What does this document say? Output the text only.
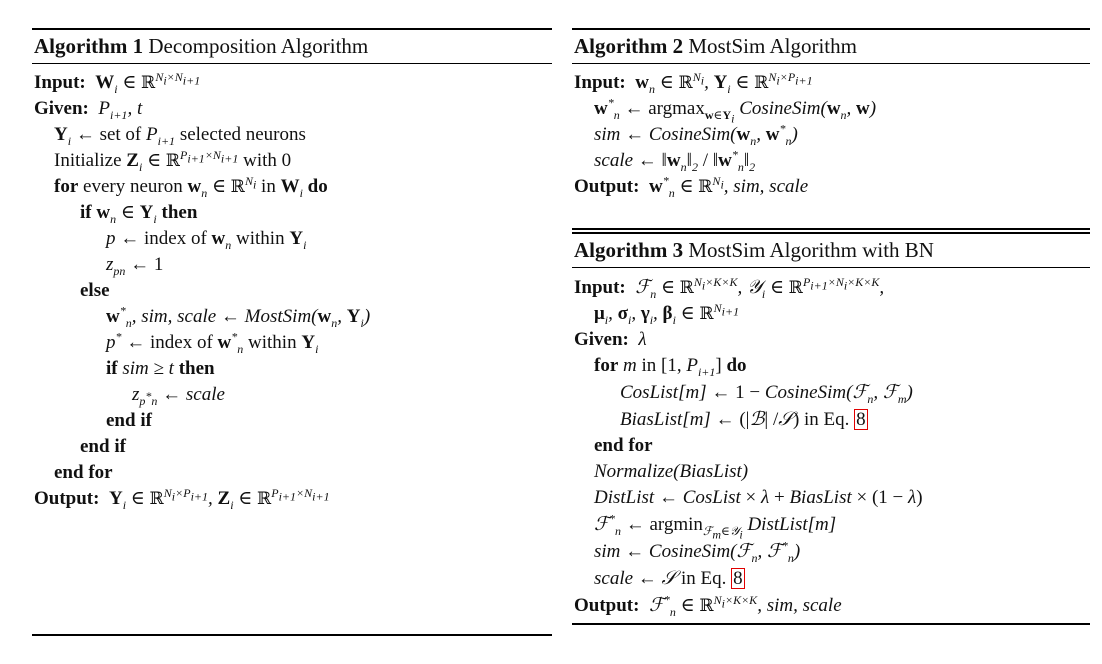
Algorithm 1 Decomposition Algorithm
Input: $W_i$ ∈ ℝ$^{N_i\times N_{i+1}}$
Given:  $P_{i+1}$, t
$Y_i$ ← set of $P_{i+1}$ selected neurons
Initialize $Z_i$ ∈ ℝ$^{P_{i+1}\times N_{i+1}}$ with 0
for every neuron $w_n$ ∈ ℝ$^{N_i}$ in $W_i$ do
if $w_n$ ∈ $Y_i$ then
p ← index of $w_n$ within $Y_i$
$z_{pn}$ ← 1
else
$w^*_n$, sim, scale ← $MostSim(w_n$, $Y_i$)
p* ← index of $w^*_n$ within $Y_i$
if sim ≥ t then
$z_{p^*n}$ ← scale
end if
end if
end for
Output: $Y_i$ ∈ ℝ$^{N_i\times P_{i+1}}$, $Z_i$ ∈ ℝ$^{P_{i+1}\times N_{i+1}}$
Algorithm 2 MostSim Algorithm
Input: $w_n$ ∈ ℝ$^{N_i}$, $Y_i$ ∈ ℝ$^{N_i\times P_{i+1}}$
$w^*_n$ ← argmax$_{w\in Y_i}$ $CosineSim(w_n$, w)
sim ← $CosineSim(w_n$, $w^*_n$)
scale ← $‖w_n‖_2$ / $‖w^*_n‖_2$
Output: $w^*_n$ ∈ ℝ$^{N_i}$, sim, scale
Algorithm 3 MostSim Algorithm with BN
Input: ℱ$_n$ ∈ ℝ$^{N_i\times K\times K}$, 𝒴$_i$ ∈ ℝ$^{P_{i+1}\times N_i\times K\times K}$,
$\mu_i$, $\sigma_i$, $\gamma_i$, $\beta_i$ ∈ ℝ$^{N_{i+1}}$
Given:  λ
for m in [1, $P_{i+1}$] do
CosList[m] ← 1 − CosineSim(ℱ$_n$, ℱ$_m$)
BiasList[m] ← (|ℬ| /𝒮) in Eq. 8
end for
Normalize(BiasList)
DistList ← CosList × λ + BiasList × (1 − λ)
ℱ*$_n$ ← argmin$_{ℱ_m\in 𝒴_i}$ DistList[m]
sim ← CosineSim(ℱ$_n$, ℱ*$_n$)
scale ← 𝒮 in Eq. 8
Output: ℱ*$_n$ ∈ ℝ$^{N_i\times K\times K}$, sim, scale
